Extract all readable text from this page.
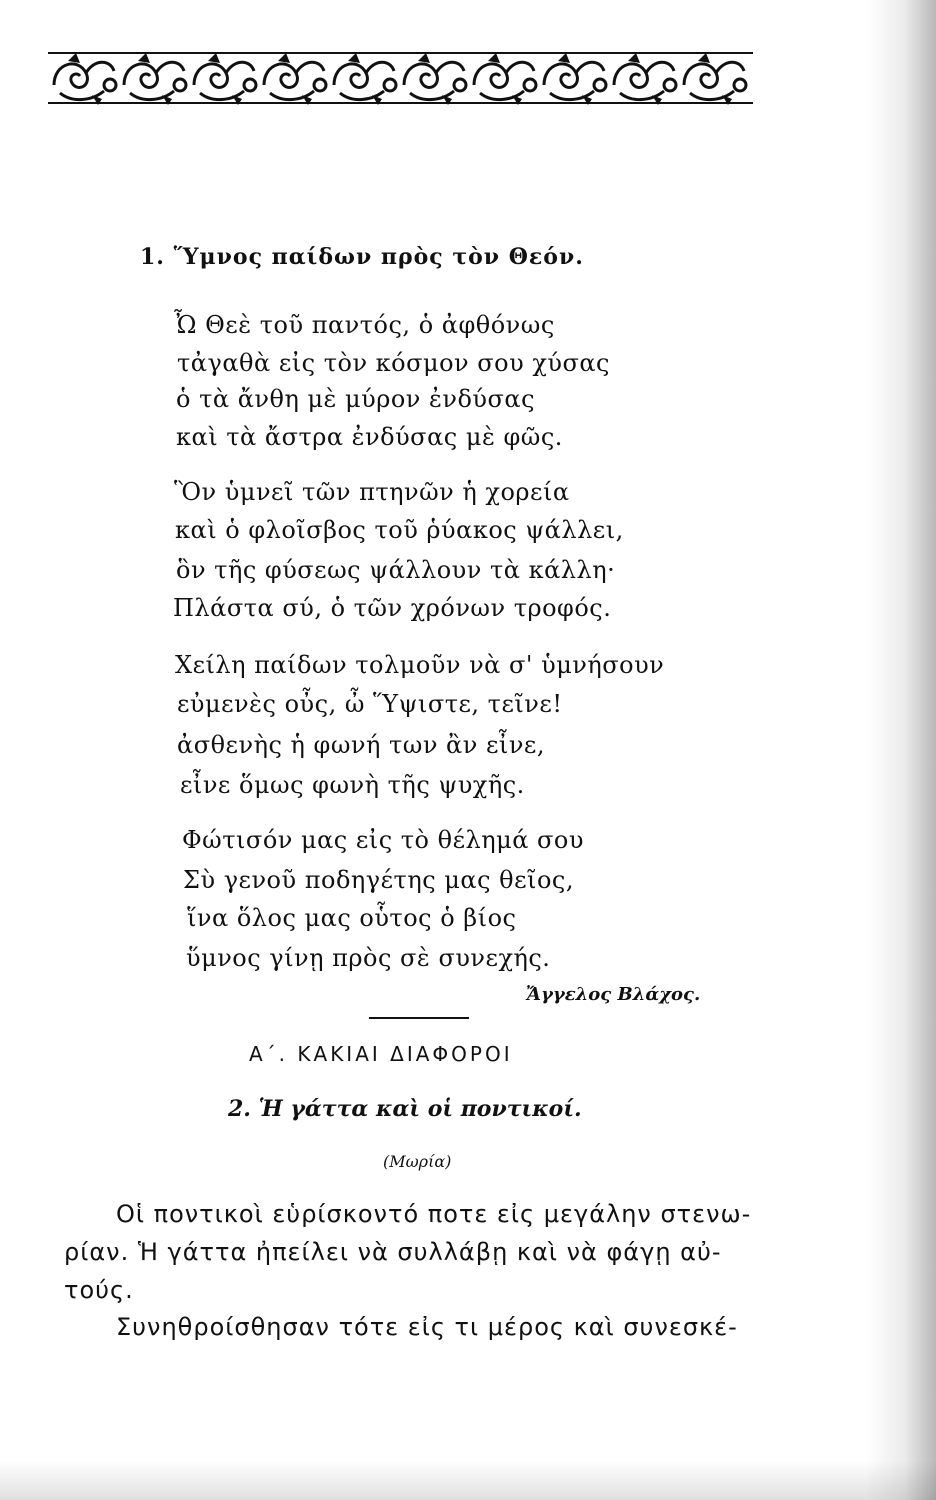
1. Ὕμνος παίδων πρὸς τὸν Θεόν.
Ὦ Θεὲ τοῦ παντός, ὁ ἀφθόνως
τἀγαθὰ εἰς τὸν κόσμον σου χύσας
ὁ τὰ ἄνθη μὲ μύρον ἐνδύσας
καὶ τὰ ἄστρα ἐνδύσας μὲ φῶς.
Ὃν ὑμνεῖ τῶν πτηνῶν ἡ χορεία
καὶ ὁ φλοῖσβος τοῦ ῥύακος ψάλλει,
ὃν τῆς φύσεως ψάλλουν τὰ κάλλη·
Πλάστα σύ, ὁ τῶν χρόνων τροφός.
Χείλη παίδων τολμοῦν νὰ σ' ὑμνήσουν
εὐμενὲς οὖς, ὦ Ὕψιστε, τεῖνε!
ἀσθενὴς ἡ φωνή των ἂν εἶνε,
εἶνε ὅμως φωνὴ τῆς ψυχῆς.
Φώτισόν μας εἰς τὸ θέλημά σου
Σὺ γενοῦ ποδηγέτης μας θεῖος,
ἵνα ὅλος μας οὗτος ὁ βίος
ὕμνος γίνῃ πρὸς σὲ συνεχής.
Ἄγγελος Βλάχος.
Α΄. ΚΑΚΙΑΙ ΔΙΑΦΟΡΟΙ
2. Ἡ γάττα καὶ οἱ ποντικοί.
(Μωρία)
Οἱ ποντικοὶ εὑρίσκοντό ποτε εἰς μεγάλην στενω-
ρίαν. Ἡ γάττα ἠπείλει νὰ συλλάβῃ καὶ νὰ φάγῃ αὐ-
τούς.
Συνηθροίσθησαν τότε εἰς τι μέρος καὶ συνεσκέ-
